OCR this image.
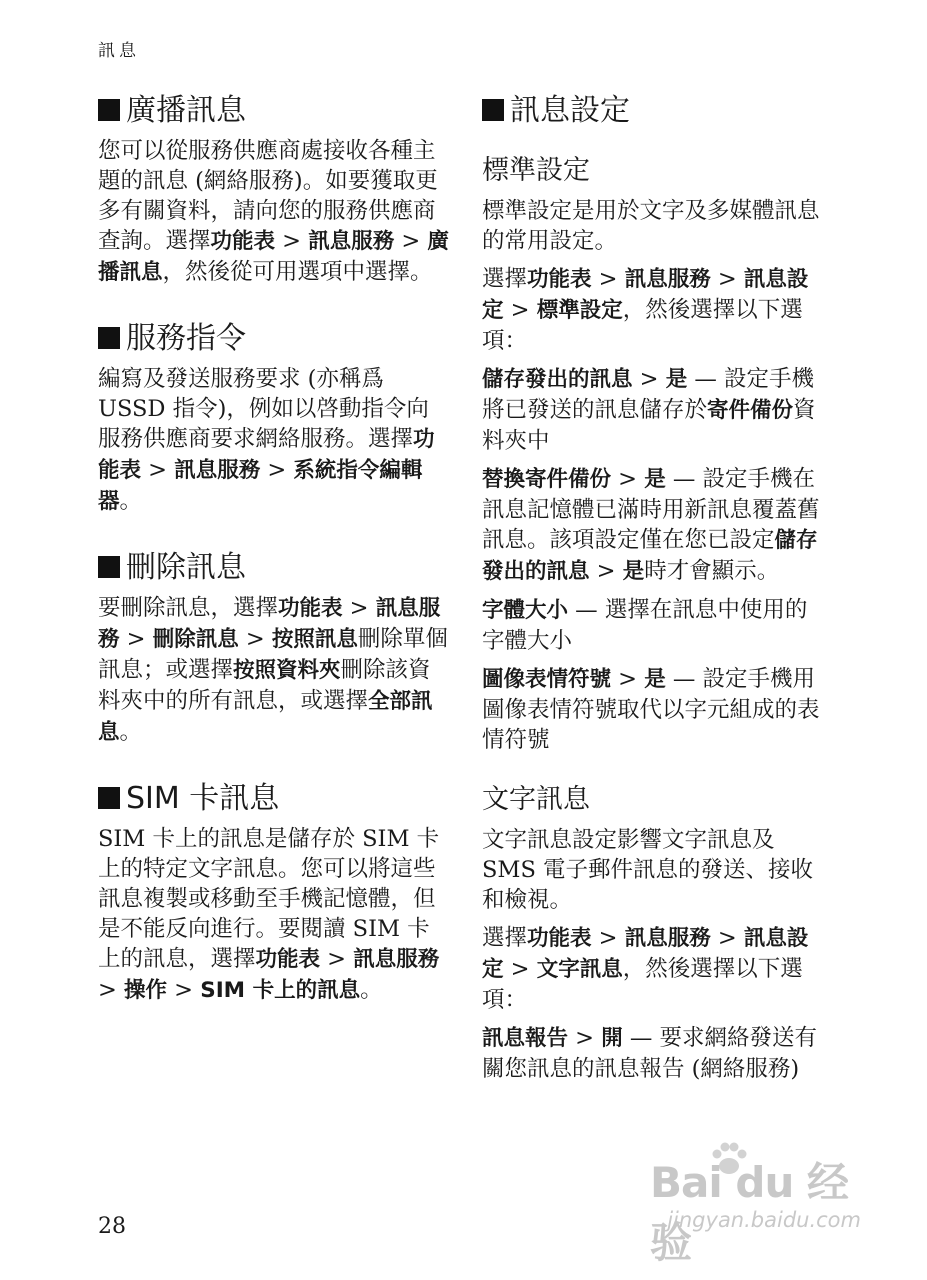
訊息
廣播訊息

您可以從服務供應商處接收各種主題的訊息 (網絡服務)。如要獲取更多有關資料，請向您的服務供應商查詢。選擇功能表 > 訊息服務 > 廣播訊息，然後從可用選項中選擇。

服務指令

編寫及發送服務要求 (亦稱爲 USSD 指令)，例如以啓動指令向服務供應商要求網絡服務。選擇功能表 > 訊息服務 > 系統指令編輯器。

刪除訊息

要刪除訊息，選擇功能表 > 訊息服務 > 刪除訊息 > 按照訊息刪除單個訊息；或選擇按照資料夾刪除該資料夾中的所有訊息，或選擇全部訊息。

SIM 卡訊息

SIM 卡上的訊息是儲存於 SIM 卡上的特定文字訊息。您可以將這些訊息複製或移動至手機記憶體，但是不能反向進行。要閱讀 SIM 卡上的訊息，選擇功能表 > 訊息服務 > 操作 > SIM 卡上的訊息。

訊息設定
標準設定

標準設定是用於文字及多媒體訊息的常用設定。

選擇功能表 > 訊息服務 > 訊息設定 > 標準設定，然後選擇以下選項：

儲存發出的訊息 > 是 — 設定手機將已發送的訊息儲存於寄件備份資料夾中

替換寄件備份 > 是 — 設定手機在訊息記憶體已滿時用新訊息覆蓋舊訊息。該項設定僅在您已設定儲存發出的訊息 > 是時才會顯示。

字體大小 — 選擇在訊息中使用的字體大小

圖像表情符號 > 是 — 設定手機用圖像表情符號取代以字元組成的表情符號

文字訊息

文字訊息設定影響文字訊息及 SMS 電子郵件訊息的發送、接收和檢視。

選擇功能表 > 訊息服務 > 訊息設定 > 文字訊息，然後選擇以下選項：

訊息報告 > 開 — 要求網絡發送有關您訊息的訊息報告 (網絡服務)

28
Bai du 经验
jingyan.baidu.com
